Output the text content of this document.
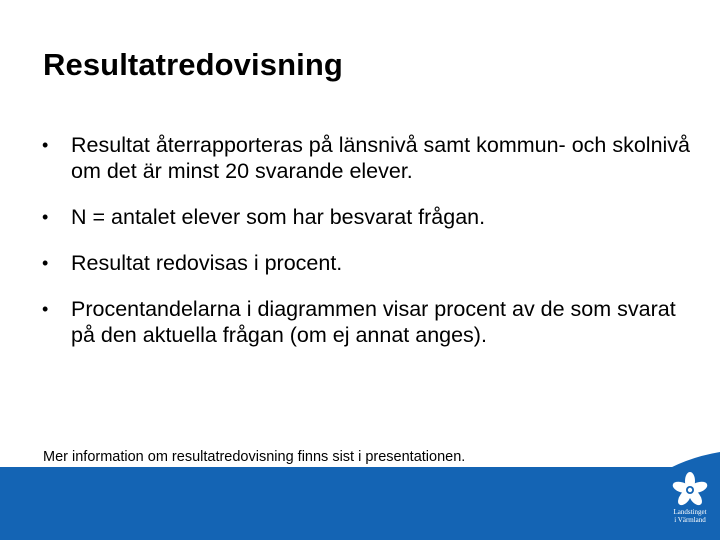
Resultatredovisning
• Resultat återrapporteras på länsnivå samt kommun- och skolnivå om det är minst 20 svarande elever.
• N = antalet elever som har besvarat frågan.
• Resultat redovisas i procent.
• Procentandelarna i diagrammen visar procent av de som svarat på den aktuella frågan (om ej annat anges).
Mer information om resultatredovisning finns sist i presentationen.
Landstinget
i Värmland
